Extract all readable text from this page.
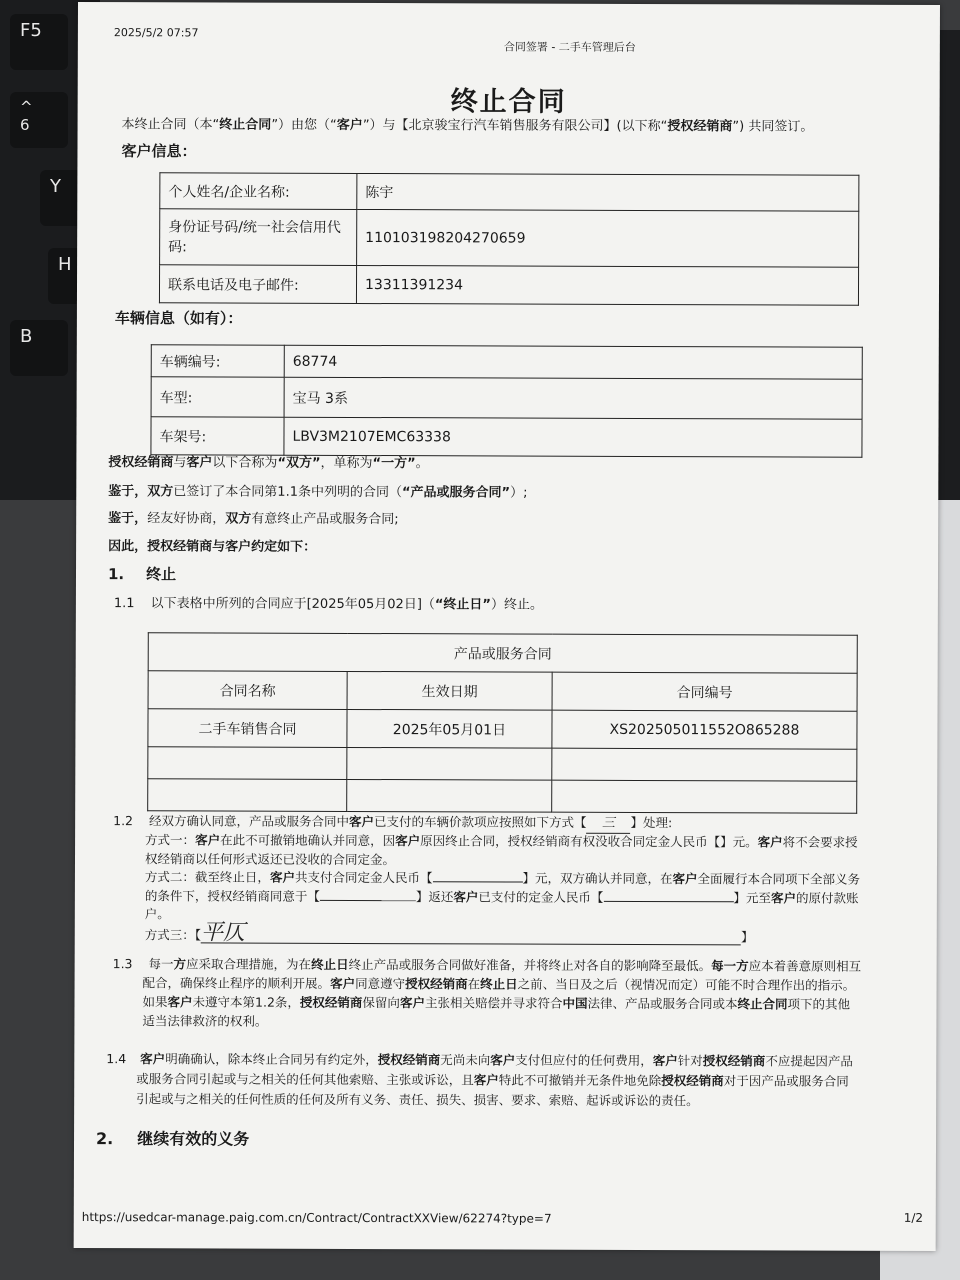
F5
^
6
Y
H
B
2025/5/2 07:57
合同签署 - 二手车管理后台
终止合同
本终止合同（本“终止合同”）由您（“客户”）与【北京骏宝行汽车销售服务有限公司】(以下称“授权经销商”) 共同签订。
客户信息：
个人姓名/企业名称:	陈宇
身份证号码/统一社会信用代码:	110103198204270659
联系电话及电子邮件:	13311391234
车辆信息（如有）：
车辆编号:	68774
车型:	宝马 3系
车架号:	LBV3M2107EMC63338
授权经销商与客户以下合称为“双方”，单称为“一方”。
鉴于，双方已签订了本合同第1.1条中列明的合同（“产品或服务合同”）;
鉴于，经友好协商，双方有意终止产品或服务合同;
因此，授权经销商与客户约定如下：
1. 终止
1.1 以下表格中所列的合同应于[2025年05月02日]（“终止日”）终止。
产品或服务合同		
合同名称	生效日期	合同编号
二手车销售合同	2025年05月01日	XS202505011552O865288

1.2 经双方确认同意，产品或服务合同中客户已支付的车辆价款项应按照如下方式【 三 】处理:
方式一：客户在此不可撤销地确认并同意，因客户原因终止合同，授权经销商有权没收合同定金人民币【】元。客户将不会要求授
权经销商以任何形式返还已没收的合同定金。
方式二：截至终止日，客户共支付合同定金人民币【	】元，双方确认并同意，在客户全面履行本合同项下全部义务
的条件下，授权经销商同意于【	】返还客户已支付的定金人民币【	】元至客户的原付款账
户。
方式三：【平仄	】
1.3 每一方应采取合理措施，为在终止日终止产品或服务合同做好准备，并将终止对各自的影响降至最低。每一方应本着善意原则相互
配合，确保终止程序的顺利开展。客户同意遵守授权经销商在终止日之前、当日及之后（视情况而定）可能不时合理作出的指示。
如果客户未遵守本第1.2条，授权经销商保留向客户主张相关赔偿并寻求符合中国法律、产品或服务合同或本终止合同项下的其他
适当法律救济的权利。
1.4 客户明确确认，除本终止合同另有约定外，授权经销商无尚未向客户支付但应付的任何费用，客户针对授权经销商不应提起因产品
或服务合同引起或与之相关的任何其他索赔、主张或诉讼，且客户特此不可撤销并无条件地免除授权经销商对于因产品或服务合同
引起或与之相关的任何性质的任何及所有义务、责任、损失、损害、要求、索赔、起诉或诉讼的责任。
2. 继续有效的义务
https://usedcar-manage.paig.com.cn/Contract/ContractXXView/62274?type=7	1/2
